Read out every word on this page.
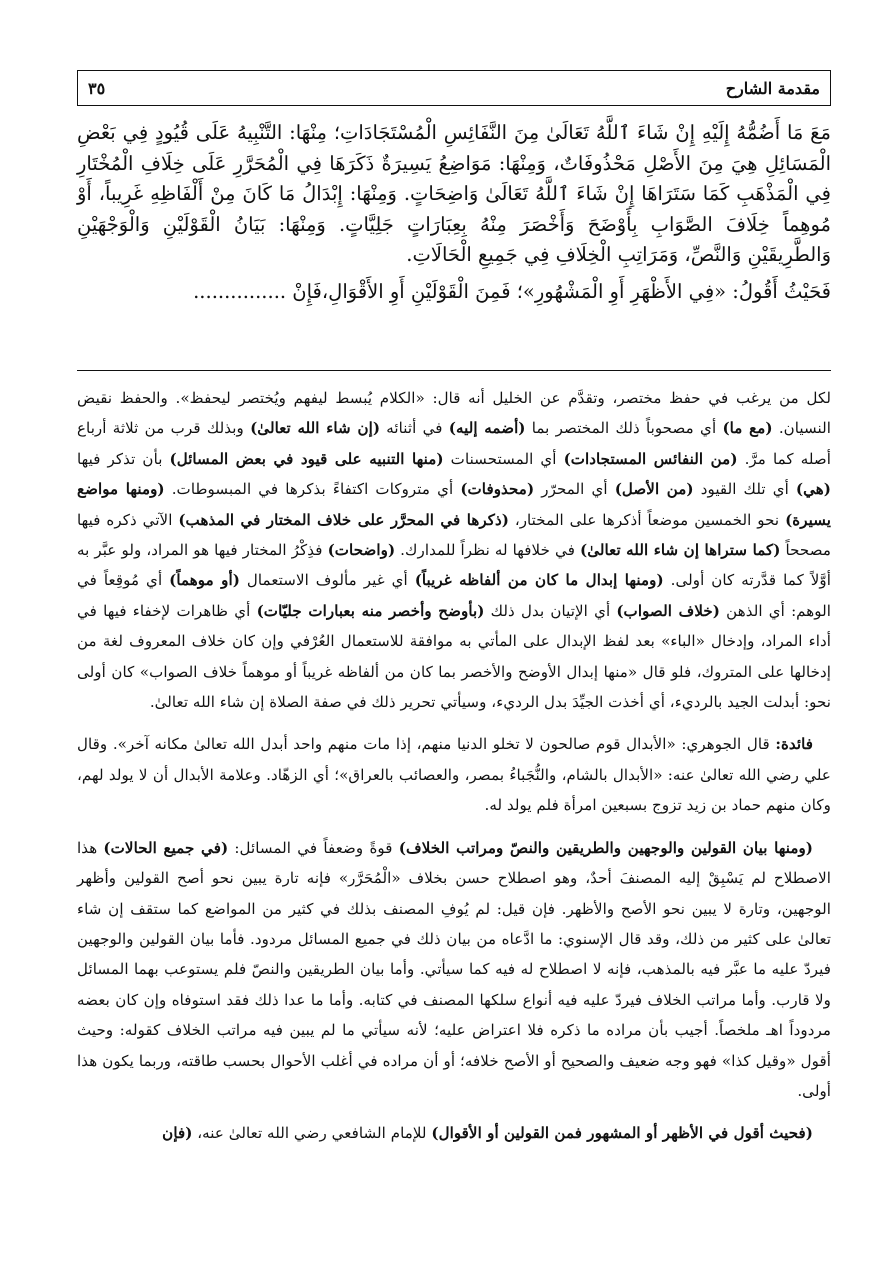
مقدمة الشارح
٣٥

مَعَ مَا أَضُمُّهُ إِلَيْهِ إِنْ شَاءَ ٱللَّهُ تَعَالَىٰ مِنَ النَّفَائِسِ الْمُسْتَجَادَاتِ؛ مِنْهَا: التَّنْبِيهُ عَلَى قُيُودٍ فِي بَعْضِ الْمَسَائِلِ هِيَ مِنَ الأَصْلِ مَحْذُوفَاتٌ، وَمِنْهَا: مَوَاضِعُ يَسِيرَةٌ ذَكَرَهَا فِي الْمُحَرَّرِ عَلَى خِلَافِ الْمُخْتَارِ فِي الْمَذْهَبِ كَمَا سَتَرَاهَا إِنْ شَاءَ ٱللَّهُ تَعَالَىٰ وَاضِحَاتٍ. وَمِنْهَا: إِبْدَالُ مَا كَانَ مِنْ أَلْفَاظِهِ غَرِيباً، أَوْ مُوهِماً خِلَافَ الصَّوَابِ بِأَوْضَحَ وَأَخْصَرَ مِنْهُ بِعِبَارَاتٍ جَلِيَّاتٍ. وَمِنْهَا: بَيَانُ الْقَوْلَيْنِ وَالْوَجْهَيْنِ وَالطَّرِيقَيْنِ وَالنَّصِّ، وَمَرَاتِبِ الْخِلَافِ فِي جَمِيعِ الْحَالَاتِ.

فَحَيْثُ أَقُولُ: «فِي الأَظْهَرِ أَوِ الْمَشْهُورِ»؛ فَمِنَ الْقَوْلَيْنِ أَوِ الأَقْوَالِ،فَإِنْ ...............

لكل من يرغب في حفظ مختصر، وتقدَّم عن الخليل أنه قال: «الكلام يُبسط ليفهم ويُختصر ليحفظ». والحفظ نقيض النسيان. (مع ما) أي مصحوباً ذلك المختصر بما (أضمه إليه) في أثنائه (إن شاء الله تعالىٰ) وبذلك قرب من ثلاثة أرباع أصله كما مرَّ. (من النفائس المستجادات) أي المستحسنات (منها التنبيه على قيود في بعض المسائل) بأن تذكر فيها (هي) أي تلك القيود (من الأصل) أي المحرّر (محذوفات) أي متروكات اكتفاءً بذكرها في المبسوطات. (ومنها مواضع يسيرة) نحو الخمسين موضعاً أذكرها على المختار، (ذكرها في المحرَّر على خلاف المختار في المذهب) الآتي ذكره فيها مصححاً (كما ستراها إن شاء الله تعالىٰ) في خلافها له نظراً للمدارك. (واضحات) فذِكْرُ المختار فيها هو المراد، ولو عبَّر به أوَّلاً كما قدَّرته كان أولى. (ومنها إبدال ما كان من ألفاظه غريباً) أي غير مألوف الاستعمال (أو موهماً) أي مُوقِعاً في الوهم: أي الذهن (خلاف الصواب) أي الإتيان بدل ذلك (بأوضح وأخصر منه بعبارات جليّات) أي ظاهرات لإخفاء فيها في أداء المراد، وإدخال «الباء» بعد لفظ الإبدال على المأتي به موافقة للاستعمال العُرْفي وإن كان خلاف المعروف لغة من إدخالها على المتروك، فلو قال «منها إبدال الأوضح والأخصر بما كان من ألفاظه غريباً أو موهماً خلاف الصواب» كان أولى نحو: أبدلت الجيد بالرديء، أي أخذت الجيِّدَ بدل الرديء، وسيأتي تحرير ذلك في صفة الصلاة إن شاء الله تعالىٰ.

فائدة: قال الجوهري: «الأبدال قوم صالحون لا تخلو الدنيا منهم، إذا مات منهم واحد أبدل الله تعالىٰ مكانه آخر». وقال علي رضي الله تعالىٰ عنه: «الأبدال بالشام، والنُّجَباءُ بمصر، والعصائب بالعراق»؛ أي الزهّاد. وعلامة الأبدال أن لا يولد لهم، وكان منهم حماد بن زيد تزوج بسبعين امرأة فلم يولد له.

(ومنها بيان القولين والوجهين والطريقين والنصّ ومراتب الخلاف) قوةً وضعفاً في المسائل: (في جميع الحالات) هذا الاصطلاح لم يَسْبِقْ إليه المصنفَ أحدٌ، وهو اصطلاح حسن بخلاف «الْمُحَرَّر» فإنه تارة يبين نحو أصح القولين وأظهر الوجهين، وتارة لا يبين نحو الأصح والأظهر. فإن قيل: لم يُوفِ المصنف بذلك في كثير من المواضع كما ستقف إن شاء تعالىٰ على كثير من ذلك، وقد قال الإسنوي: ما ادَّعاه من بيان ذلك في جميع المسائل مردود. فأما بيان القولين والوجهين فيردّ عليه ما عبَّر فيه بالمذهب، فإنه لا اصطلاح له فيه كما سيأتي. وأما بيان الطريقين والنصّ فلم يستوعب بهما المسائل ولا قارب. وأما مراتب الخلاف فيردّ عليه فيه أنواع سلكها المصنف في كتابه. وأما ما عدا ذلك فقد استوفاه وإن كان بعضه مردوداً اهـ ملخصاً. أجيب بأن مراده ما ذكره فلا اعتراض عليه؛ لأنه سيأتي ما لم يبين فيه مراتب الخلاف كقوله: وحيث أقول «وقيل كذا» فهو وجه ضعيف والصحيح أو الأصح خلافه؛ أو أن مراده في أغلب الأحوال بحسب طاقته، وربما يكون هذا أولى.

(فحيث أقول في الأظهر أو المشهور فمن القولين أو الأقوال) للإمام الشافعي رضي الله تعالىٰ عنه، (فإن
